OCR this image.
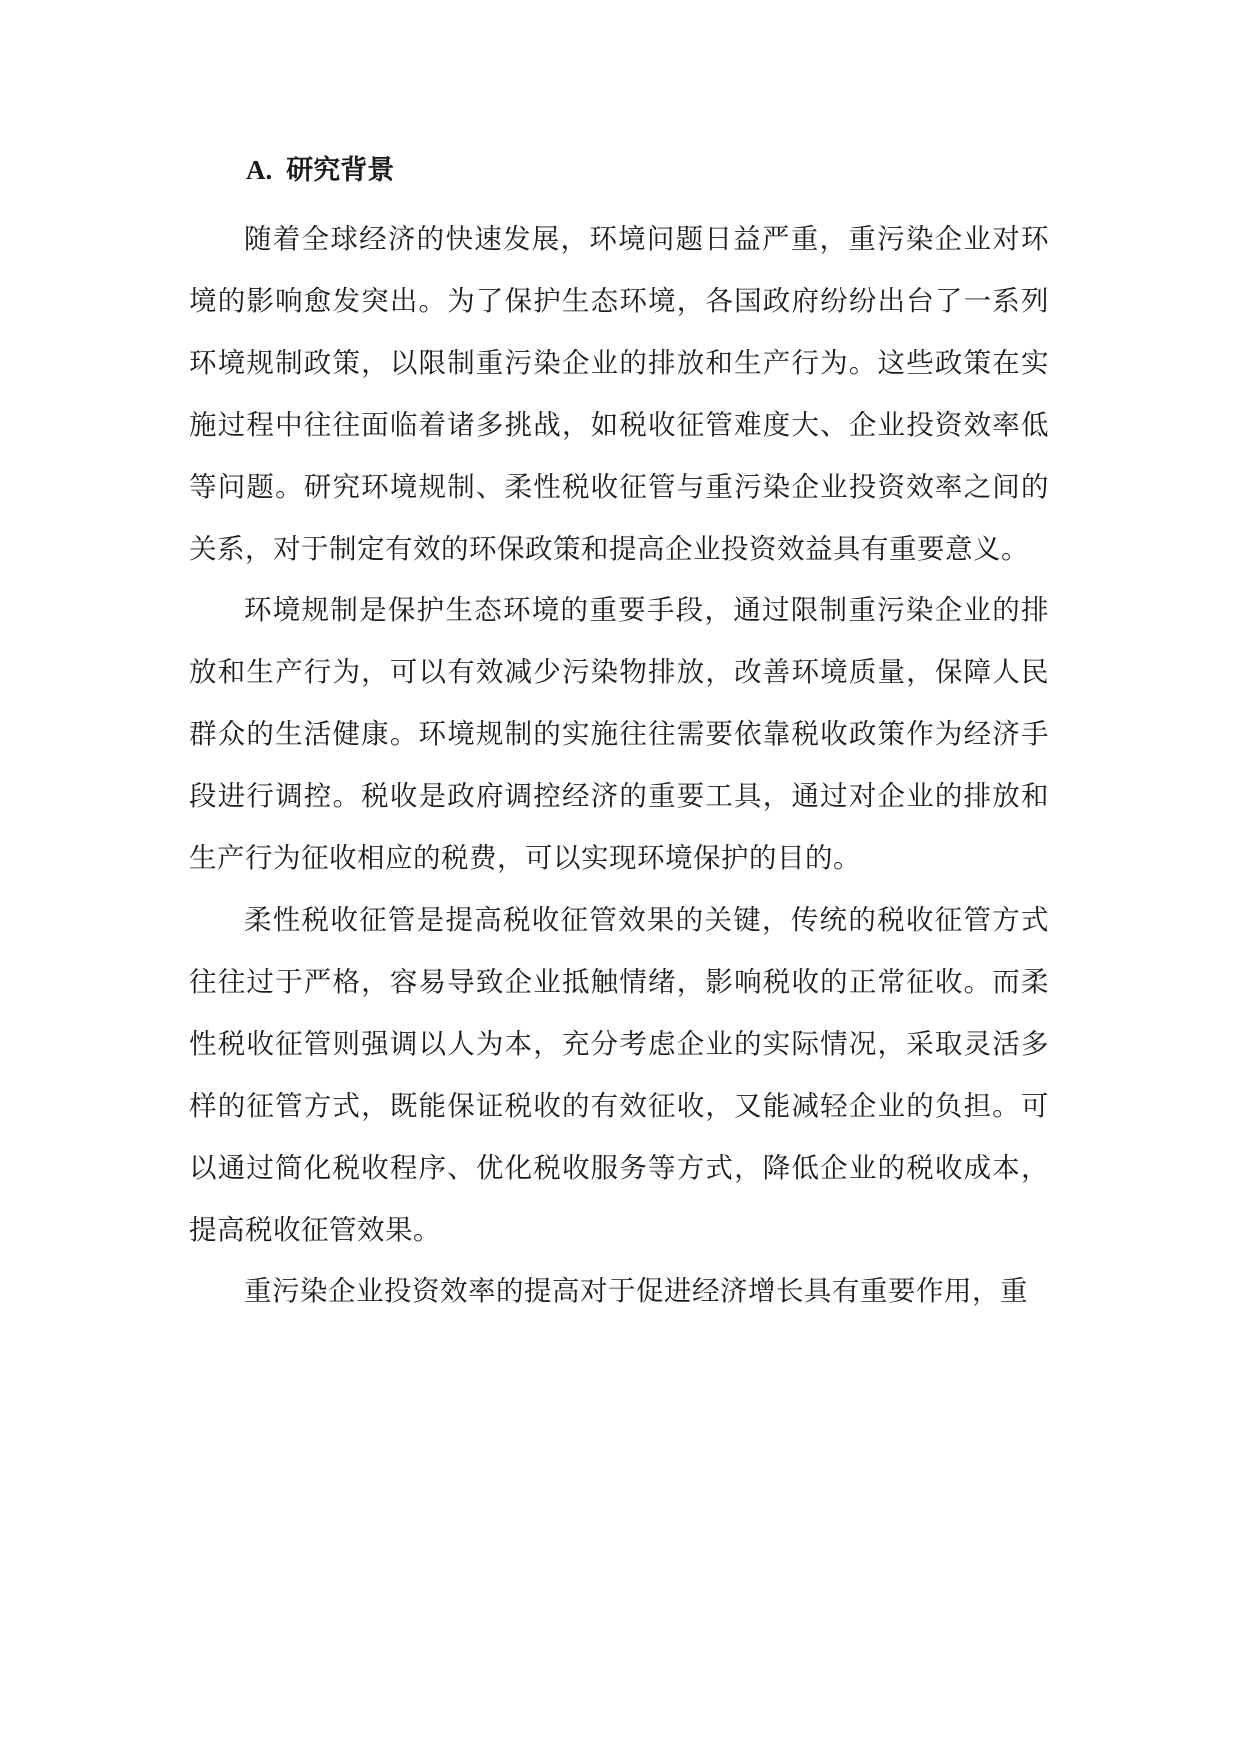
A. 研究背景

随着全球经济的快速发展，环境问题日益严重，重污染企业对环境的影响愈发突出。为了保护生态环境，各国政府纷纷出台了一系列环境规制政策，以限制重污染企业的排放和生产行为。这些政策在实施过程中往往面临着诸多挑战，如税收征管难度大、企业投资效率低等问题。研究环境规制、柔性税收征管与重污染企业投资效率之间的关系，对于制定有效的环保政策和提高企业投资效益具有重要意义。

环境规制是保护生态环境的重要手段，通过限制重污染企业的排放和生产行为，可以有效减少污染物排放，改善环境质量，保障人民群众的生活健康。环境规制的实施往往需要依靠税收政策作为经济手段进行调控。税收是政府调控经济的重要工具，通过对企业的排放和生产行为征收相应的税费，可以实现环境保护的目的。

柔性税收征管是提高税收征管效果的关键，传统的税收征管方式往往过于严格，容易导致企业抵触情绪，影响税收的正常征收。而柔性税收征管则强调以人为本，充分考虑企业的实际情况，采取灵活多样的征管方式，既能保证税收的有效征收，又能减轻企业的负担。可以通过简化税收程序、优化税收服务等方式，降低企业的税收成本，提高税收征管效果。

重污染企业投资效率的提高对于促进经济增长具有重要作用，重
